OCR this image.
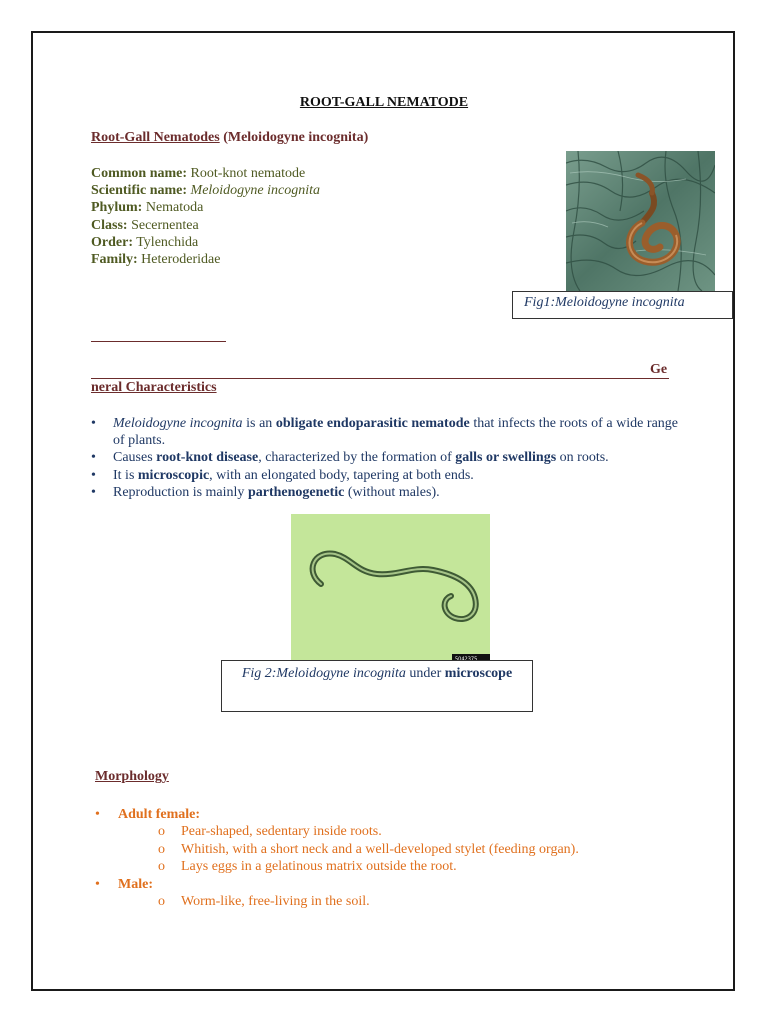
ROOT-GALL NEMATODE
Root-Gall Nematodes (Meloidogyne incognita)
Common name: Root-knot nematode
Scientific name: Meloidogyne incognita
Phylum: Nematoda
Class: Secernentea
Order: Tylenchida
Family: Heteroderidae
Fig1:Meloidogyne incognita
Ge
neral Characteristics
• Meloidogyne incognita is an obligate endoparasitic nematode that infects the roots of a wide range of plants.
• Causes root-knot disease, characterized by the formation of galls or swellings on roots.
• It is microscopic, with an elongated body, tapering at both ends.
• Reproduction is mainly parthenogenetic (without males).
Fig 2:Meloidogyne incognita under microscope
Morphology
• Adult female:
o Pear-shaped, sedentary inside roots.
o Whitish, with a short neck and a well-developed stylet (feeding organ).
o Lays eggs in a gelatinous matrix outside the root.
• Male:
o Worm-like, free-living in the soil.
